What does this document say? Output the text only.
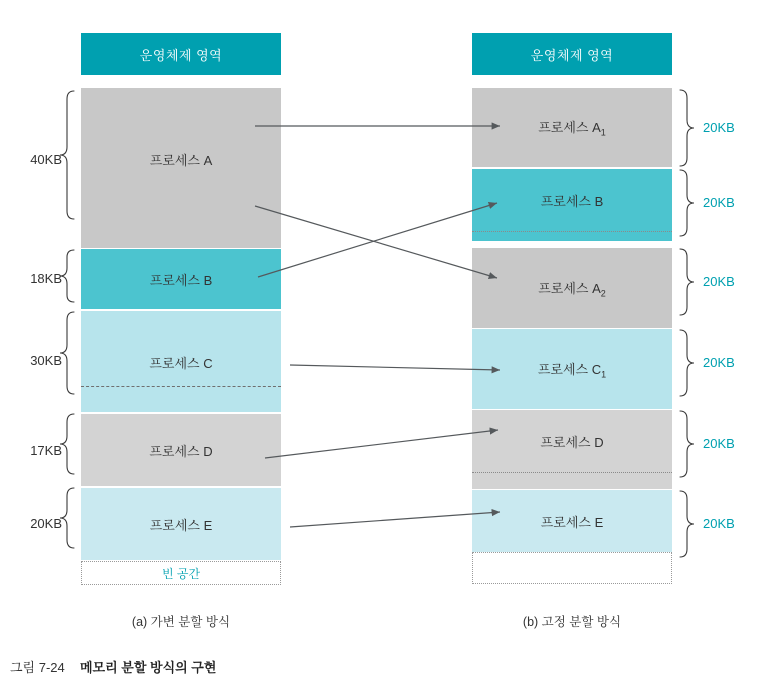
운영체제 영역
프로세스 A
프로세스 B
프로세스 C
프로세스 D
프로세스 E
빈 공간
40KB
18KB
30KB
17KB
20KB
(a) 가변 분할 방식
운영체제 영역
프로세스 $A_1$
프로세스 B
프로세스 $A_2$
프로세스 $C_1$
프로세스 D
프로세스 E
20KB
20KB
20KB
20KB
20KB
20KB
(b) 고정 분할 방식
그림 7-24 메모리 분할 방식의 구현
